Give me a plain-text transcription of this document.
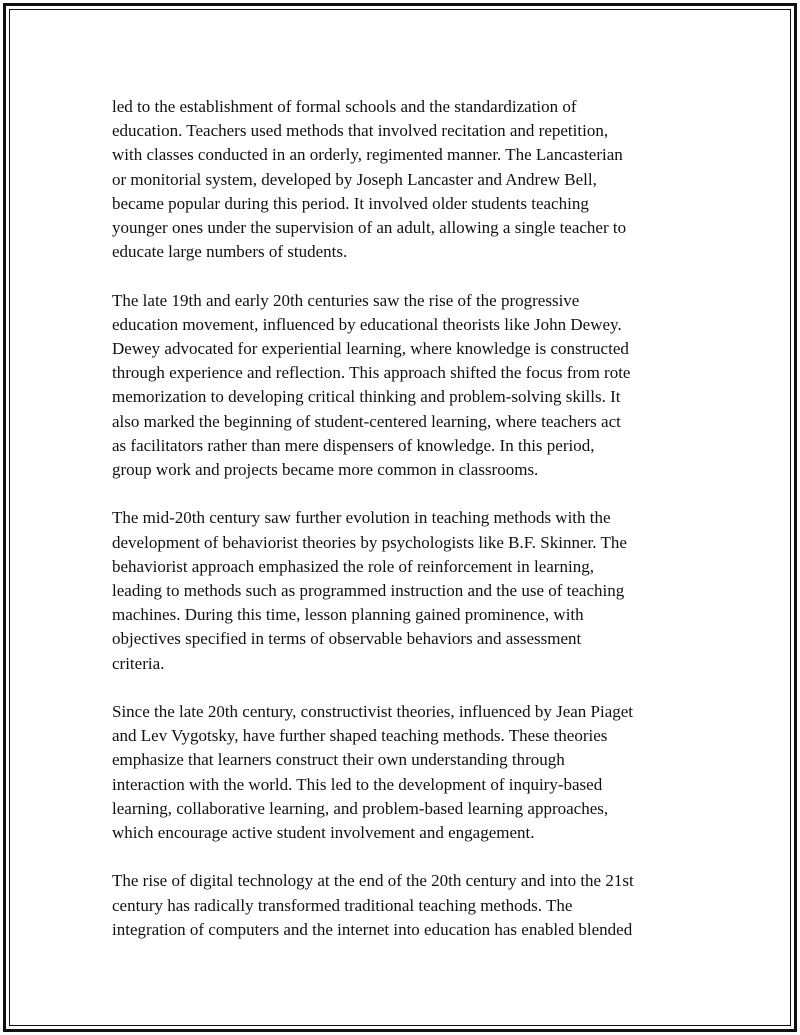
led to the establishment of formal schools and the standardization of
education. Teachers used methods that involved recitation and repetition,
with classes conducted in an orderly, regimented manner. The Lancasterian
or monitorial system, developed by Joseph Lancaster and Andrew Bell,
became popular during this period. It involved older students teaching
younger ones under the supervision of an adult, allowing a single teacher to
educate large numbers of students.

The late 19th and early 20th centuries saw the rise of the progressive
education movement, influenced by educational theorists like John Dewey.
Dewey advocated for experiential learning, where knowledge is constructed
through experience and reflection. This approach shifted the focus from rote
memorization to developing critical thinking and problem-solving skills. It
also marked the beginning of student-centered learning, where teachers act
as facilitators rather than mere dispensers of knowledge. In this period,
group work and projects became more common in classrooms.

The mid-20th century saw further evolution in teaching methods with the
development of behaviorist theories by psychologists like B.F. Skinner. The
behaviorist approach emphasized the role of reinforcement in learning,
leading to methods such as programmed instruction and the use of teaching
machines. During this time, lesson planning gained prominence, with
objectives specified in terms of observable behaviors and assessment
criteria.

Since the late 20th century, constructivist theories, influenced by Jean Piaget
and Lev Vygotsky, have further shaped teaching methods. These theories
emphasize that learners construct their own understanding through
interaction with the world. This led to the development of inquiry-based
learning, collaborative learning, and problem-based learning approaches,
which encourage active student involvement and engagement.

The rise of digital technology at the end of the 20th century and into the 21st
century has radically transformed traditional teaching methods. The
integration of computers and the internet into education has enabled blended
